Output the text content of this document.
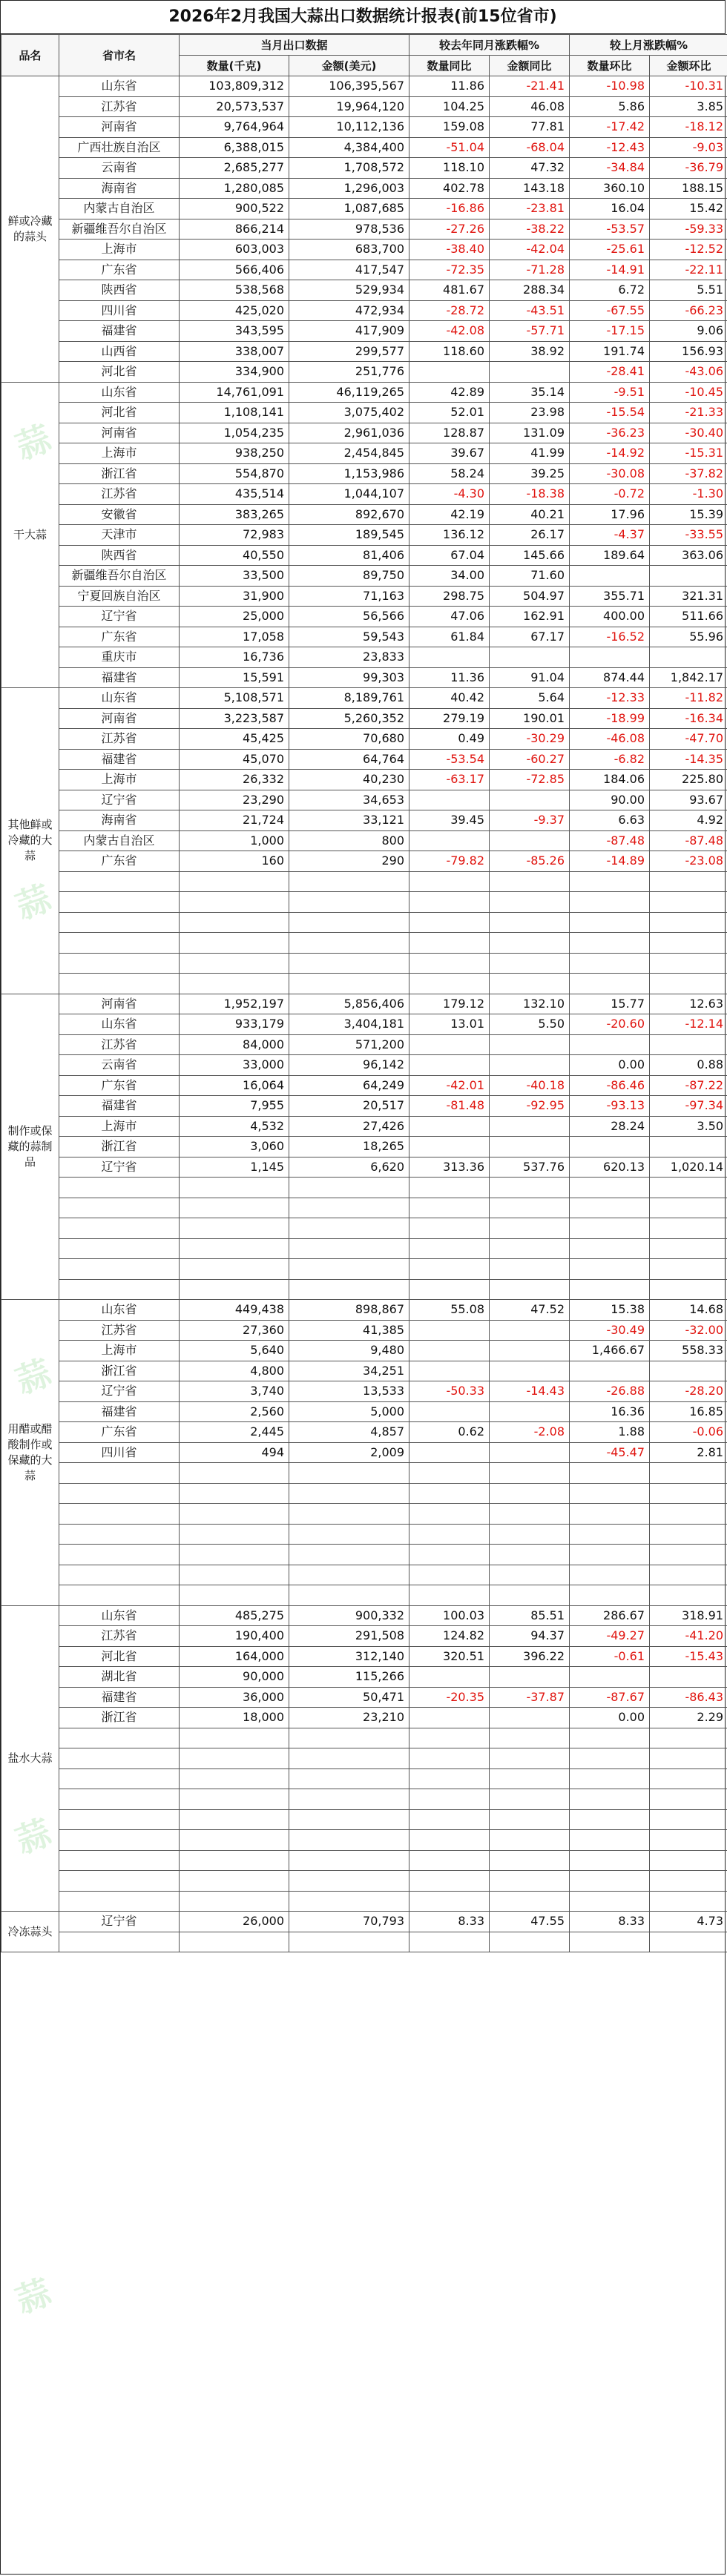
2026年2月我国大蒜出口数据统计报表(前15位省市)
品名	省市名	当月出口数据		较去年同月涨跌幅%		较上月涨跌幅%	
		数量(千克)	金额(美元)	数量同比	金额同比	数量环比	金额环比
鲜或冷藏的蒜头	山东省	103,809,312	106,395,567	11.86	-21.41	-10.98	-10.31
	江苏省	20,573,537	19,964,120	104.25	46.08	5.86	3.85
	河南省	9,764,964	10,112,136	159.08	77.81	-17.42	-18.12
	广西壮族自治区	6,388,015	4,384,400	-51.04	-68.04	-12.43	-9.03
	云南省	2,685,277	1,708,572	118.10	47.32	-34.84	-36.79
	海南省	1,280,085	1,296,003	402.78	143.18	360.10	188.15
	内蒙古自治区	900,522	1,087,685	-16.86	-23.81	16.04	15.42
	新疆维吾尔自治区	866,214	978,536	-27.26	-38.22	-53.57	-59.33
	上海市	603,003	683,700	-38.40	-42.04	-25.61	-12.52
	广东省	566,406	417,547	-72.35	-71.28	-14.91	-22.11
	陕西省	538,568	529,934	481.67	288.34	6.72	5.51
	四川省	425,020	472,934	-28.72	-43.51	-67.55	-66.23
	福建省	343,595	417,909	-42.08	-57.71	-17.15	9.06
	山西省	338,007	299,577	118.60	38.92	191.74	156.93
	河北省	334,900	251,776			-28.41	-43.06
干大蒜	山东省	14,761,091	46,119,265	42.89	35.14	-9.51	-10.45
	河北省	1,108,141	3,075,402	52.01	23.98	-15.54	-21.33
	河南省	1,054,235	2,961,036	128.87	131.09	-36.23	-30.40
	上海市	938,250	2,454,845	39.67	41.99	-14.92	-15.31
	浙江省	554,870	1,153,986	58.24	39.25	-30.08	-37.82
	江苏省	435,514	1,044,107	-4.30	-18.38	-0.72	-1.30
	安徽省	383,265	892,670	42.19	40.21	17.96	15.39
	天津市	72,983	189,545	136.12	26.17	-4.37	-33.55
	陕西省	40,550	81,406	67.04	145.66	189.64	363.06
	新疆维吾尔自治区	33,500	89,750	34.00	71.60		
	宁夏回族自治区	31,900	71,163	298.75	504.97	355.71	321.31
	辽宁省	25,000	56,566	47.06	162.91	400.00	511.66
	广东省	17,058	59,543	61.84	67.17	-16.52	55.96
	重庆市	16,736	23,833				
	福建省	15,591	99,303	11.36	91.04	874.44	1,842.17
其他鲜或冷藏的大蒜	山东省	5,108,571	8,189,761	40.42	5.64	-12.33	-11.82
	河南省	3,223,587	5,260,352	279.19	190.01	-18.99	-16.34
	江苏省	45,425	70,680	0.49	-30.29	-46.08	-47.70
	福建省	45,070	64,764	-53.54	-60.27	-6.82	-14.35
	上海市	26,332	40,230	-63.17	-72.85	184.06	225.80
	辽宁省	23,290	34,653			90.00	93.67
	海南省	21,724	33,121	39.45	-9.37	6.63	4.92
	内蒙古自治区	1,000	800			-87.48	-87.48
	广东省	160	290	-79.82	-85.26	-14.89	-23.08

制作或保藏的蒜制品	河南省	1,952,197	5,856,406	179.12	132.10	15.77	12.63
	山东省	933,179	3,404,181	13.01	5.50	-20.60	-12.14
	江苏省	84,000	571,200				
	云南省	33,000	96,142			0.00	0.88
	广东省	16,064	64,249	-42.01	-40.18	-86.46	-87.22
	福建省	7,955	20,517	-81.48	-92.95	-93.13	-97.34
	上海市	4,532	27,426			28.24	3.50
	浙江省	3,060	18,265				
	辽宁省	1,145	6,620	313.36	537.76	620.13	1,020.14

用醋或醋酸制作或保藏的大蒜	山东省	449,438	898,867	55.08	47.52	15.38	14.68
	江苏省	27,360	41,385			-30.49	-32.00
	上海市	5,640	9,480			1,466.67	558.33
	浙江省	4,800	34,251				
	辽宁省	3,740	13,533	-50.33	-14.43	-26.88	-28.20
	福建省	2,560	5,000			16.36	16.85
	广东省	2,445	4,857	0.62	-2.08	1.88	-0.06
	四川省	494	2,009			-45.47	2.81

盐水大蒜	山东省	485,275	900,332	100.03	85.51	286.67	318.91
	江苏省	190,400	291,508	124.82	94.37	-49.27	-41.20
	河北省	164,000	312,140	320.51	396.22	-0.61	-15.43
	湖北省	90,000	115,266				
	福建省	36,000	50,471	-20.35	-37.87	-87.67	-86.43
	浙江省	18,000	23,210			0.00	2.29

冷冻蒜头	辽宁省	26,000	70,793	8.33	47.55	8.33	4.73

蒜
蒜
蒜
蒜
蒜
